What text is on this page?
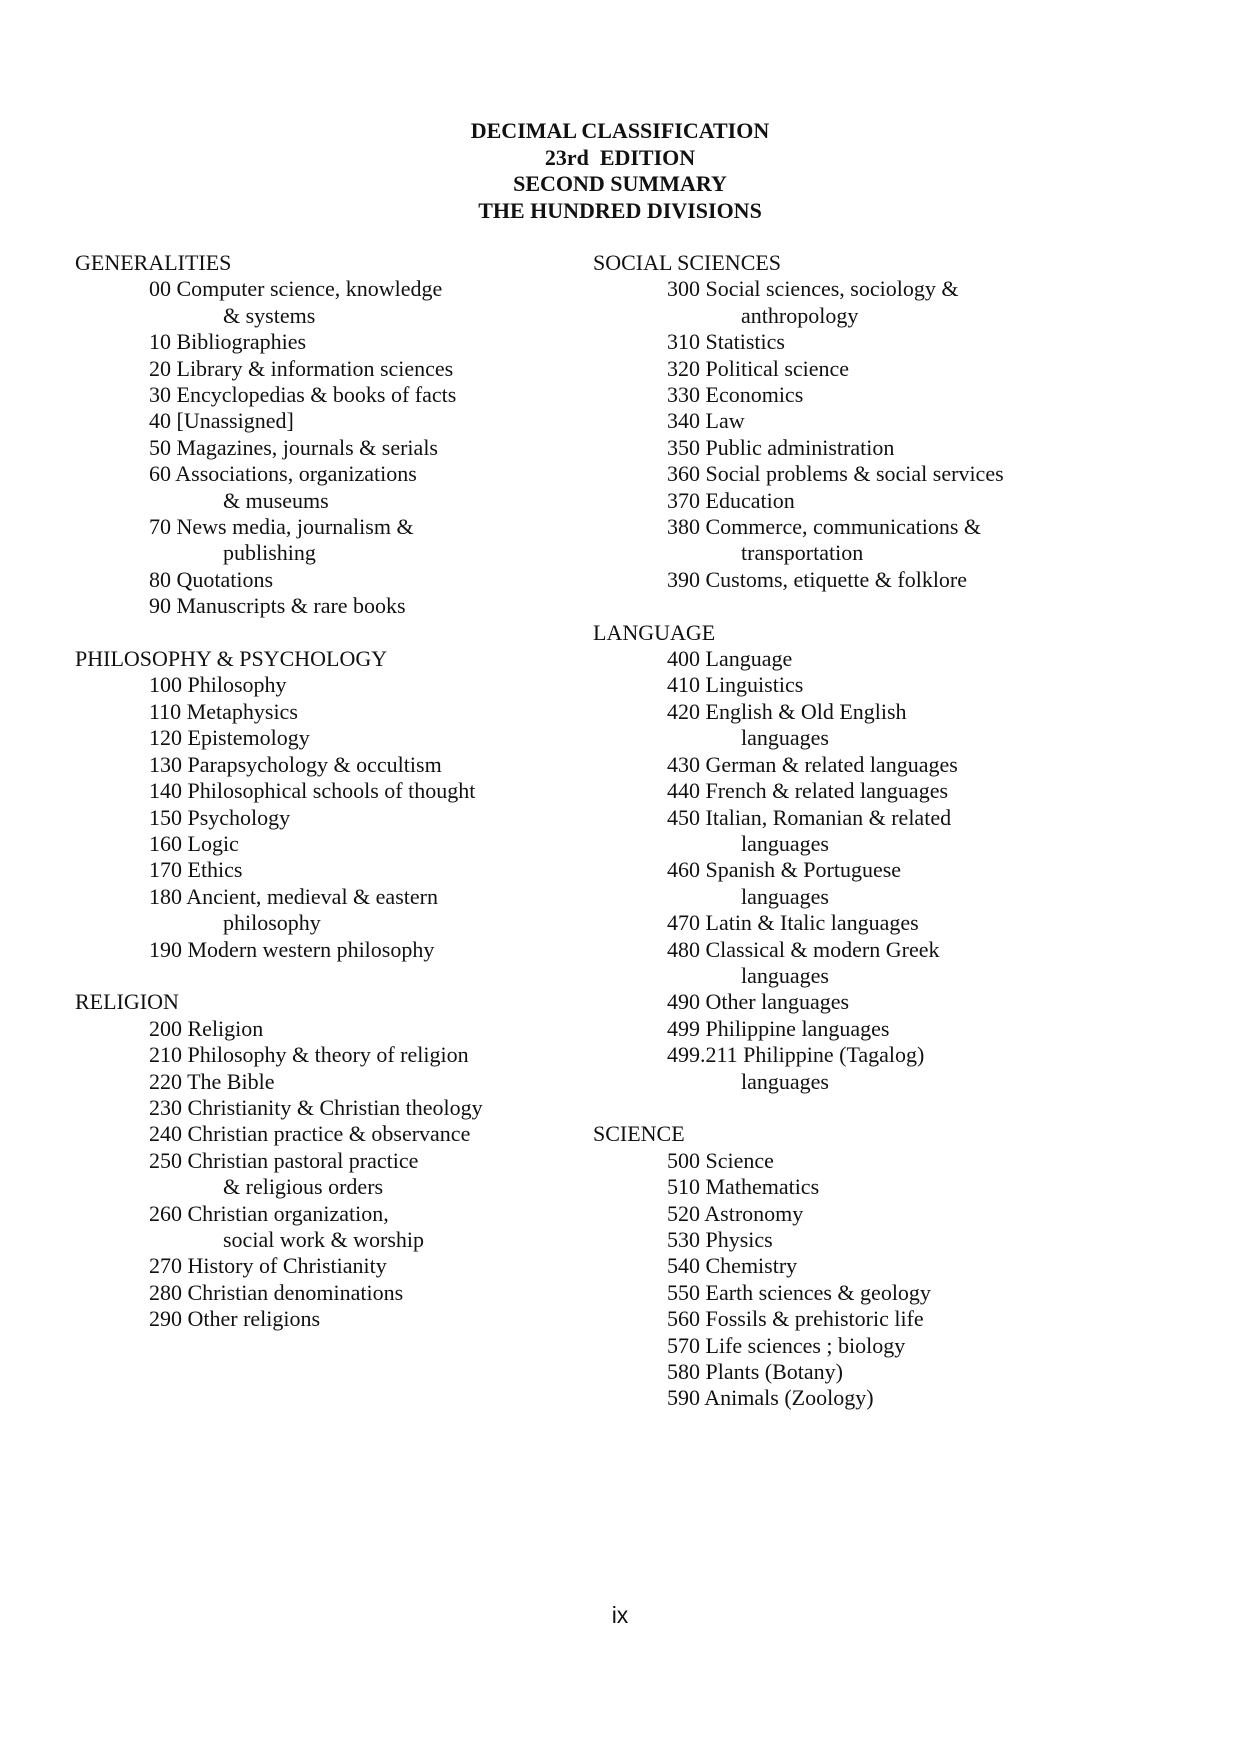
DECIMAL CLASSIFICATION
23rd  EDITION
SECOND SUMMARY
THE HUNDRED DIVISIONS
GENERALITIES
00 Computer science, knowledge
& systems
10 Bibliographies
20 Library & information sciences
30 Encyclopedias & books of facts
40 [Unassigned]
50 Magazines, journals & serials
60 Associations, organizations
& museums
70 News media, journalism &
publishing
80 Quotations
90 Manuscripts & rare books
PHILOSOPHY & PSYCHOLOGY
100 Philosophy
110 Metaphysics
120 Epistemology
130 Parapsychology & occultism
140 Philosophical schools of thought
150 Psychology
160 Logic
170 Ethics
180 Ancient, medieval & eastern
philosophy
190 Modern western philosophy
RELIGION
200 Religion
210 Philosophy & theory of religion
220 The Bible
230 Christianity & Christian theology
240 Christian practice & observance
250 Christian pastoral practice
& religious orders
260 Christian organization,
social work & worship
270 History of Christianity
280 Christian denominations
290 Other religions
SOCIAL SCIENCES
300 Social sciences, sociology &
anthropology
310 Statistics
320 Political science
330 Economics
340 Law
350 Public administration
360 Social problems & social services
370 Education
380 Commerce, communications &
transportation
390 Customs, etiquette & folklore
LANGUAGE
400 Language
410 Linguistics
420 English & Old English
languages
430 German & related languages
440 French & related languages
450 Italian, Romanian & related
languages
460 Spanish & Portuguese
languages
470 Latin & Italic languages
480 Classical & modern Greek
languages
490 Other languages
499 Philippine languages
499.211 Philippine (Tagalog)
languages
SCIENCE
500 Science
510 Mathematics
520 Astronomy
530 Physics
540 Chemistry
550 Earth sciences & geology
560 Fossils & prehistoric life
570 Life sciences ; biology
580 Plants (Botany)
590 Animals (Zoology)
ix
